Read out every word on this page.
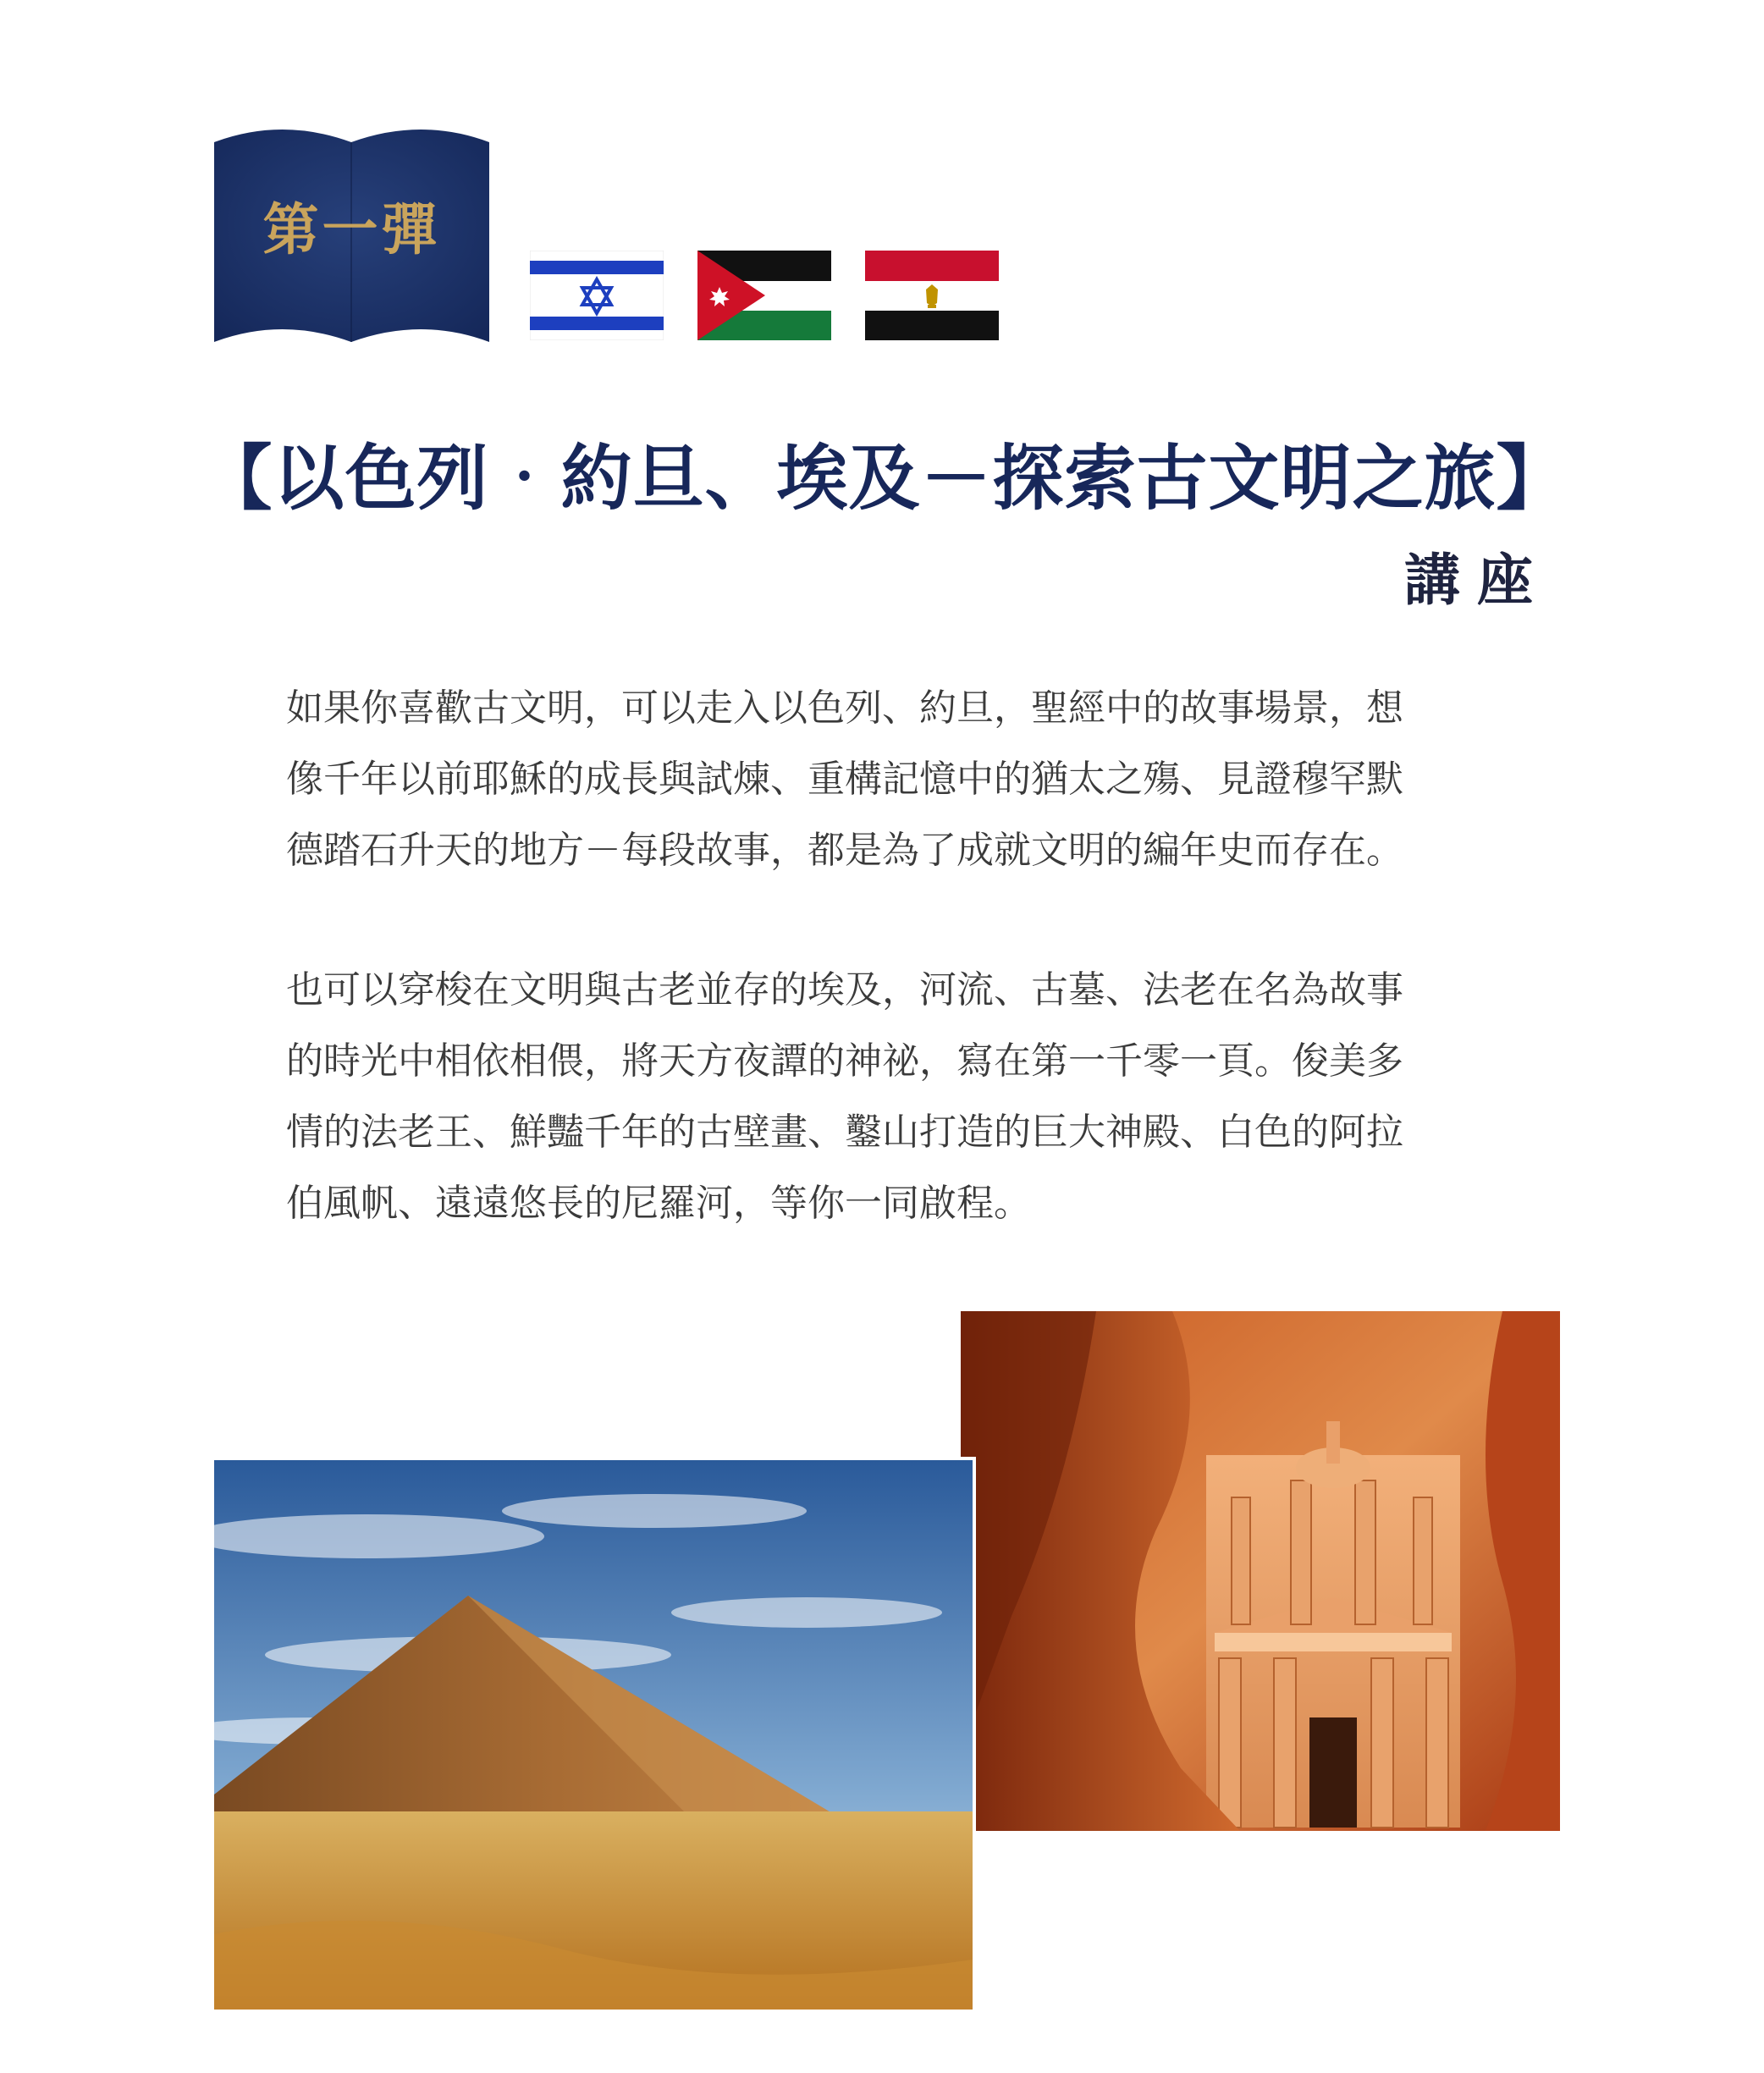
第一彈
【以色列‧約旦、埃及－探索古文明之旅】
講座

如果你喜歡古文明，可以走入以色列、約旦，聖經中的故事場景，想

像千年以前耶穌的成長與試煉、重構記憶中的猶太之殤、見證穆罕默

德踏石升天的地方－每段故事，都是為了成就文明的編年史而存在。

也可以穿梭在文明與古老並存的埃及，河流、古墓、法老在名為故事

的時光中相依相偎，將天方夜譚的神祕，寫在第一千零一頁。俊美多

情的法老王、鮮豔千年的古壁畫、鑿山打造的巨大神殿、白色的阿拉

伯風帆、遠遠悠長的尼羅河，等你一同啟程。
